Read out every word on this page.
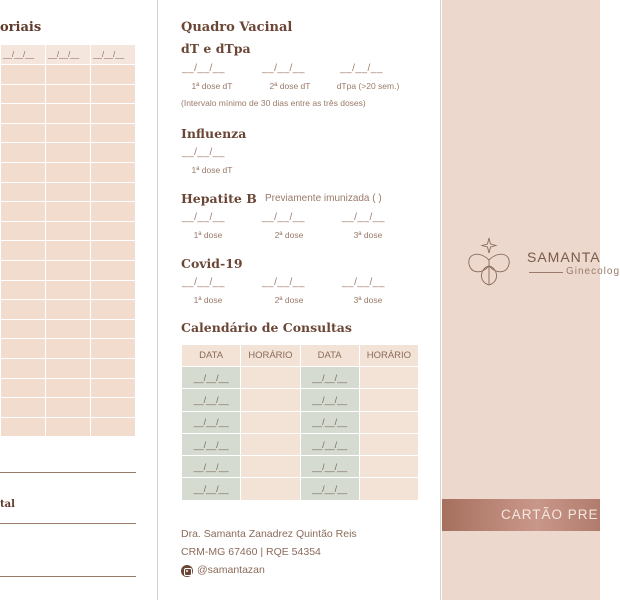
oriais
__/__/__	__/__/__	__/__/__

tal
Quadro Vacinal
dT e dTpa
__/__/__	__/__/__	__/__/__
1ª dose dT	2ª dose dT	dTpa (>20 sem.)
(Intervalo mínimo de 30 dias entre as três doses)
Influenza
__/__/__
1ª dose dT
Hepatite B Previamente imunizada ( )
__/__/__	__/__/__	__/__/__
1ª dose	2ª dose	3ª dose
Covid-19
__/__/__	__/__/__	__/__/__
1ª dose	2ª dose	3ª dose
Calendário de Consultas
DATA	HORÁRIO	DATA	HORÁRIO
__/__/__		__/__/__	
__/__/__		__/__/__	
__/__/__		__/__/__	
__/__/__		__/__/__	
__/__/__		__/__/__	
__/__/__		__/__/__	
Dra. Samanta Zanadrez Quintão Reis
CRM-MG 67460 | RQE 54354
@samantazan
SAMANTA
Ginecolog
CARTÃO PRE
